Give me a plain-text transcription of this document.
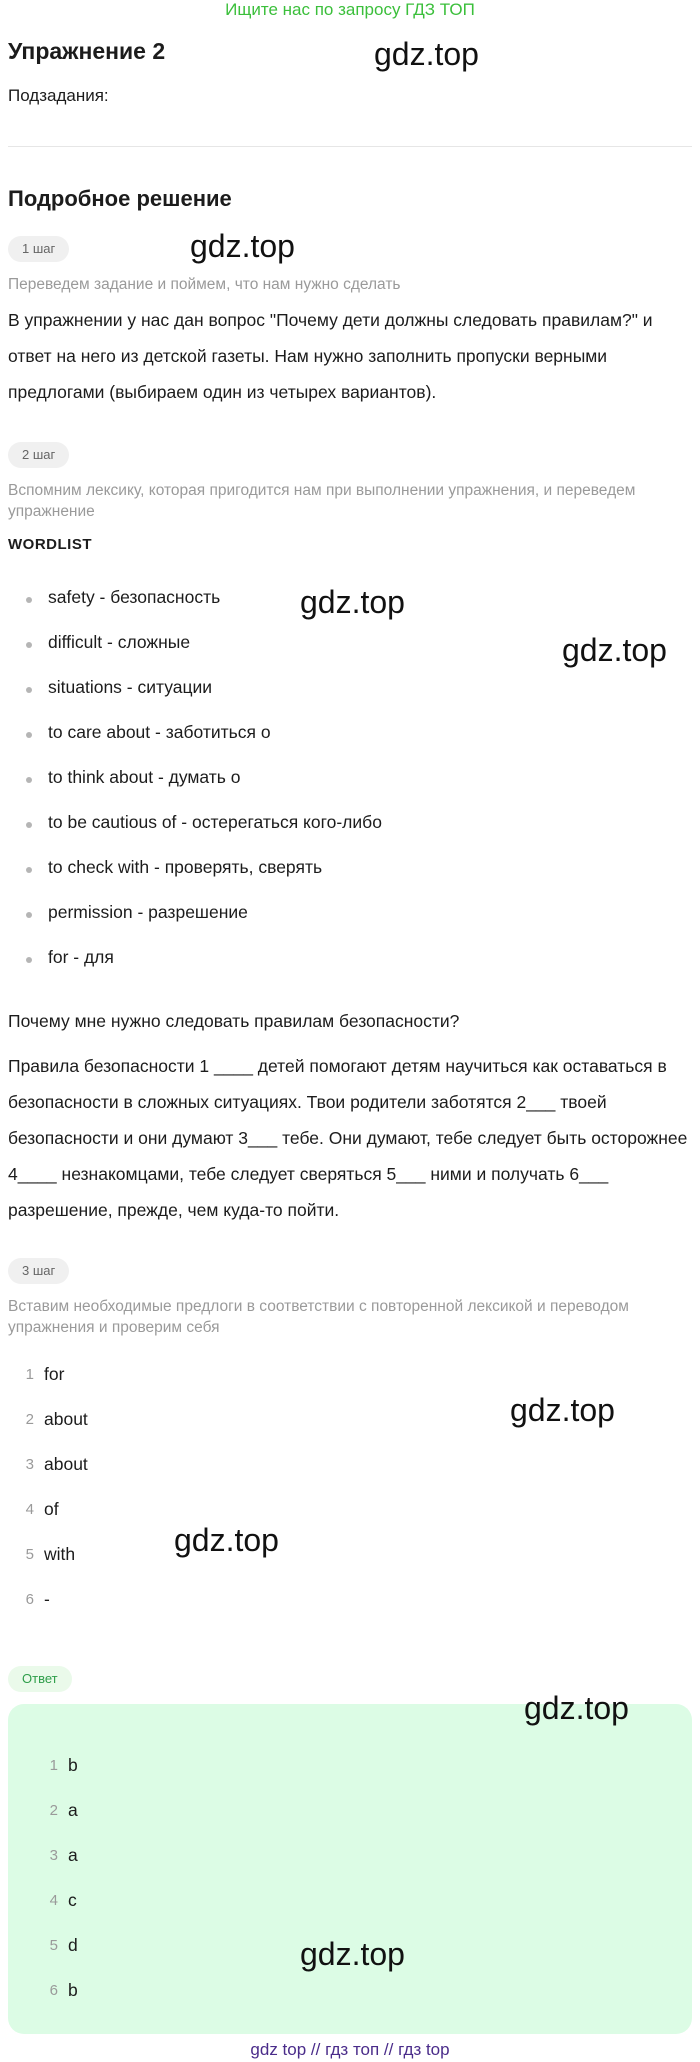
Ищите нас по запросу ГДЗ ТОП
Упражнение 2	gdz.top
Подзадания:
Подробное решение
1 шаг	gdz.top
Переведем задание и поймем, что нам нужно сделать
В упражнении у нас дан вопрос "Почему дети должны следовать правилам?" и ответ на него из детской газеты. Нам нужно заполнить пропуски верными предлогами (выбираем один из четырех вариантов).
2 шаг
Вспомним лексику, которая пригодится нам при выполнении упражнения, и переведем упражнение
WORDLIST
safety - безопасность gdz.top
difficult - сложные	gdz.top
situations - ситуации
to care about - заботиться о
to think about - думать о
to be cautious of - остерегаться кого-либо
to check with - проверять, сверять
permission - разрешение
for - для
Почему мне нужно следовать правилам безопасности?
Правила безопасности 1 ____ детей помогают детям научиться как оставаться в безопасности в сложных ситуациях. Твои родители заботятся 2___ твоей безопасности и они думают 3___ тебе. Они думают, тебе следует быть осторожнее 4____ незнакомцами, тебе следует сверяться 5___ ними и получать 6___ разрешение, прежде, чем куда-то пойти.
3 шаг
Вставим необходимые предлоги в соответствии с повторенной лексикой и переводом упражнения и проверим себя
1 for
2 about	gdz.top
3 about
4 of
5 with	gdz.top
6 -
Ответ
gdz.top
1 b
2 a
3 a
4 c
5 d	gdz.top
6 b
gdz top // гдз топ // гдз top
